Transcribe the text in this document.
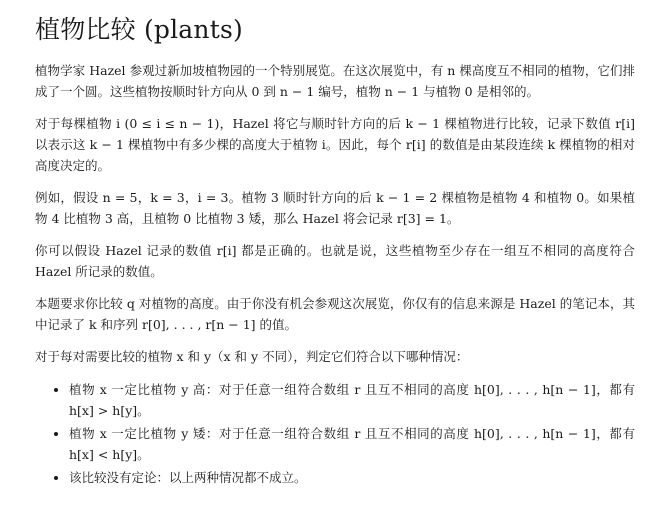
植物比较 (plants)

植物学家 Hazel 参观过新加坡植物园的一个特别展览。在这次展览中，有 n 棵高度互不相同的植物，它们排成了一个圆。这些植物按顺时针方向从 0 到 n − 1 编号，植物 n − 1 与植物 0 是相邻的。

对于每棵植物 i (0 ≤ i ≤ n − 1)，Hazel 将它与顺时针方向的后 k − 1 棵植物进行比较，记录下数值 r[i] 以表示这 k − 1 棵植物中有多少棵的高度大于植物 i。因此，每个 r[i] 的数值是由某段连续 k 棵植物的相对高度决定的。

例如，假设 n = 5，k = 3，i = 3。植物 3 顺时针方向的后 k − 1 = 2 棵植物是植物 4 和植物 0。如果植物 4 比植物 3 高，且植物 0 比植物 3 矮，那么 Hazel 将会记录 r[3] = 1。

你可以假设 Hazel 记录的数值 r[i] 都是正确的。也就是说，这些植物至少存在一组互不相同的高度符合 Hazel 所记录的数值。

本题要求你比较 q 对植物的高度。由于你没有机会参观这次展览，你仅有的信息来源是 Hazel 的笔记本，其中记录了 k 和序列 r[0], . . . , r[n − 1] 的值。

对于每对需要比较的植物 x 和 y（x 和 y 不同），判定它们符合以下哪种情况：

• 植物 x 一定比植物 y 高：对于任意一组符合数组 r 且互不相同的高度 h[0], . . . , h[n − 1]，都有 h[x] > h[y]。
• 植物 x 一定比植物 y 矮：对于任意一组符合数组 r 且互不相同的高度 h[0], . . . , h[n − 1]，都有 h[x] < h[y]。
• 该比较没有定论：以上两种情况都不成立。
